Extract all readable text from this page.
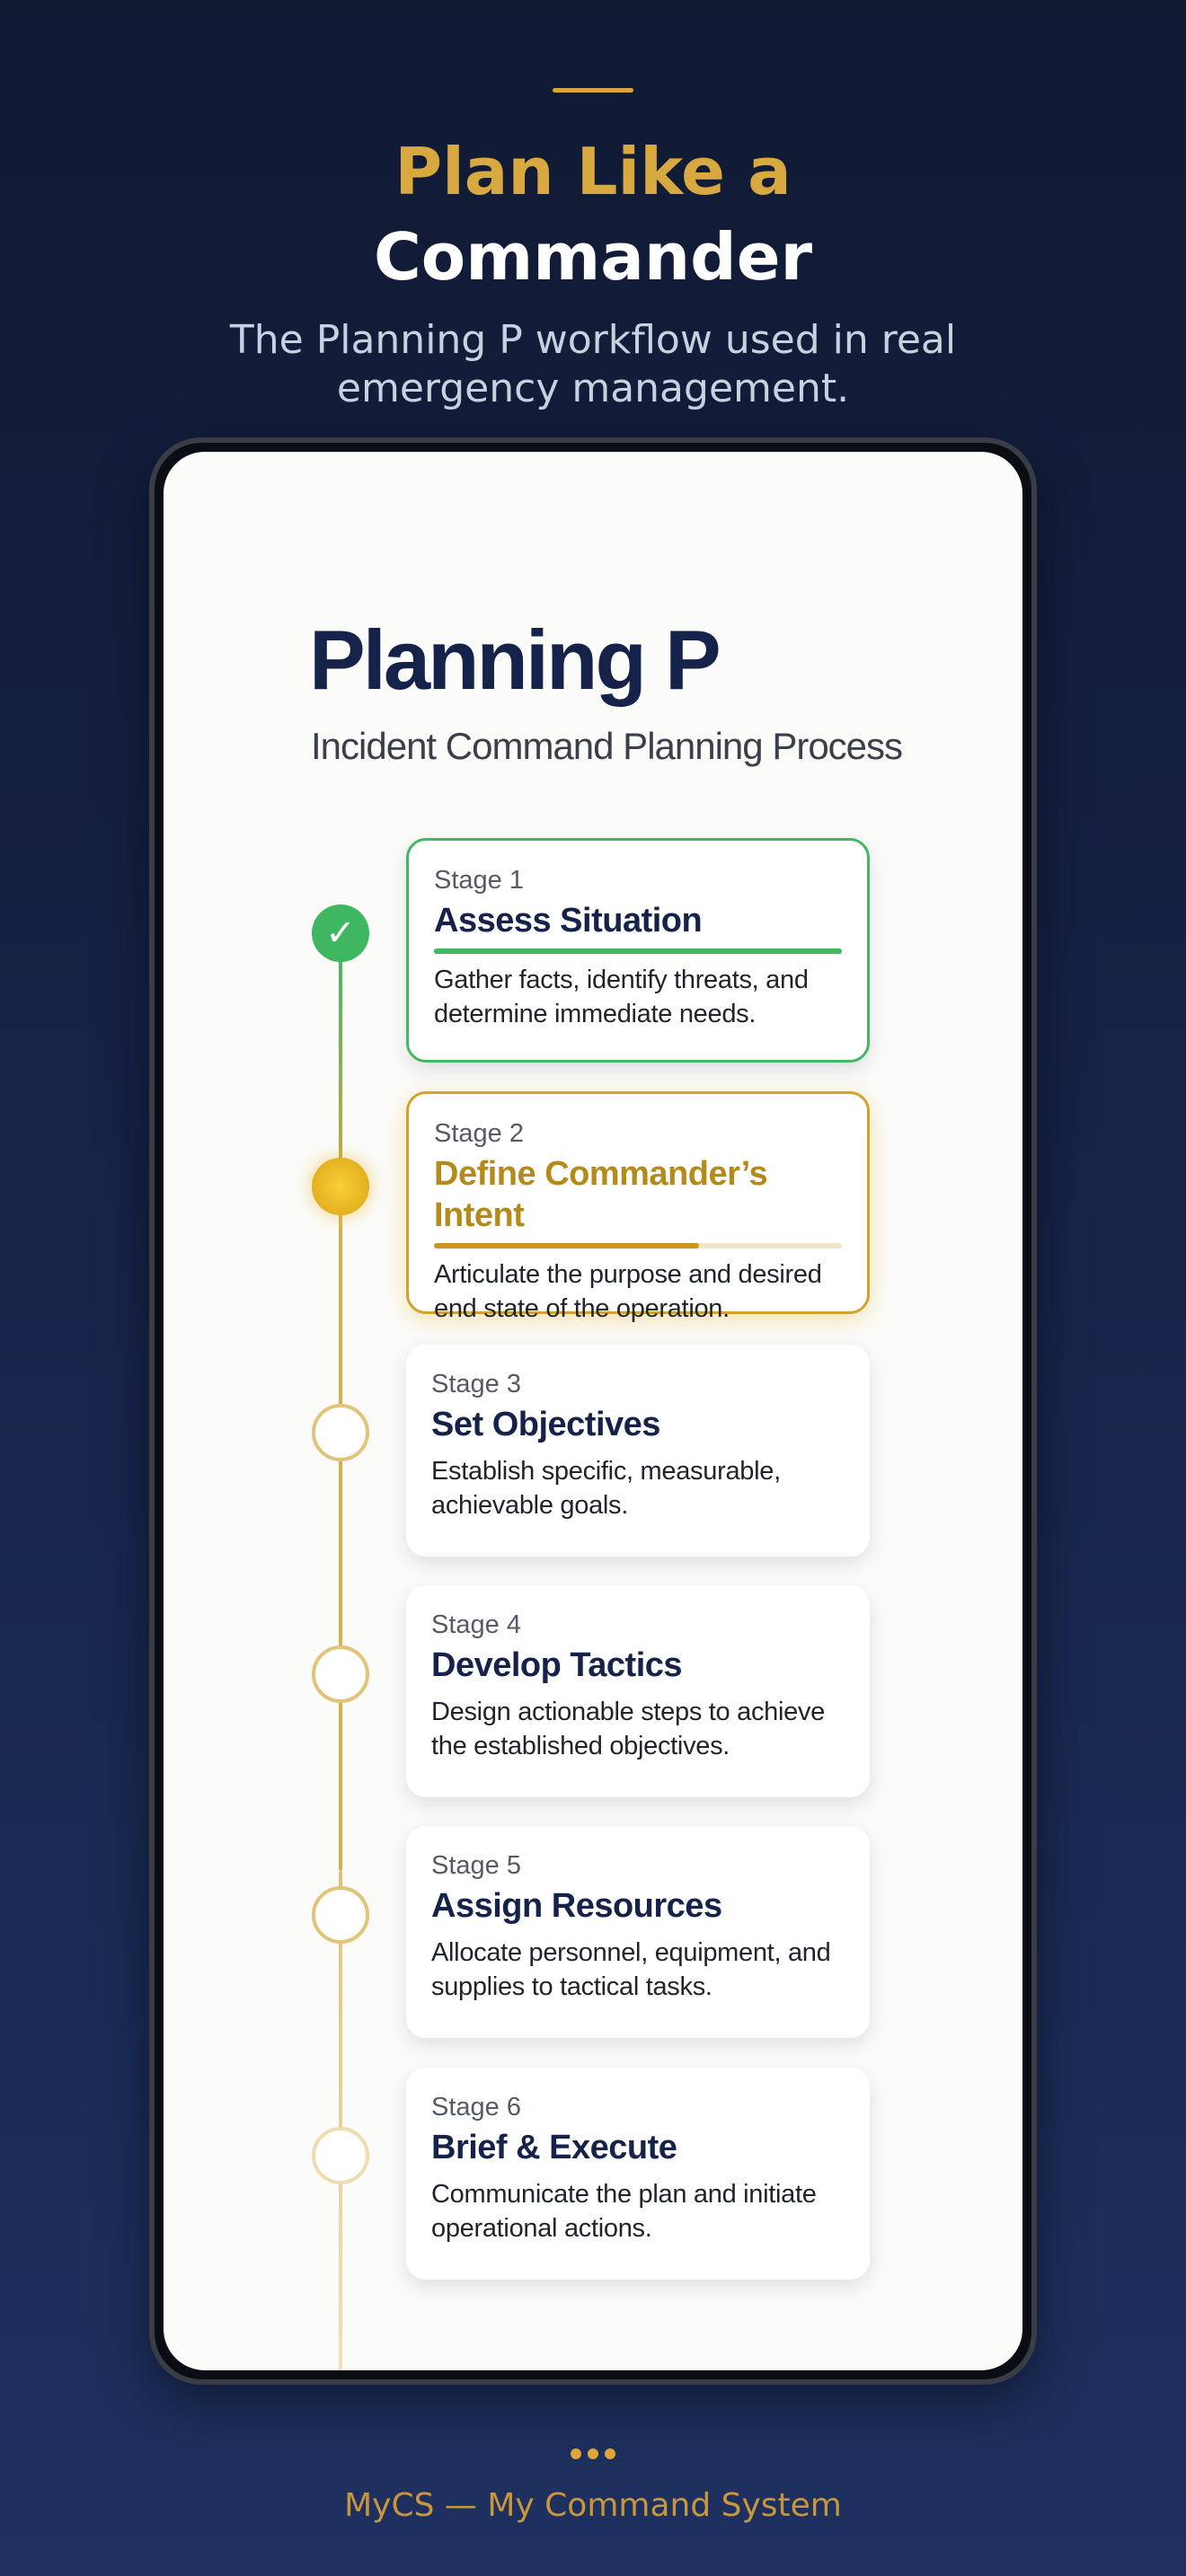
Plan Like a
Commander

The Planning P workflow used in real emergency management.

Planning P

Incident Command Planning Process

✓

Stage 1

Assess Situation

Gather facts, identify threats, and determine immediate needs.

Stage 2

Define Commander’s Intent

Articulate the purpose and desired end state of the operation.

Stage 3

Set Objectives

Establish specific, measurable, achievable goals.

Stage 4

Develop Tactics

Design actionable steps to achieve the established objectives.

Stage 5

Assign Resources

Allocate personnel, equipment, and supplies to tactical tasks.

Stage 6

Brief & Execute

Communicate the plan and initiate operational actions.

MyCS — My Command System
